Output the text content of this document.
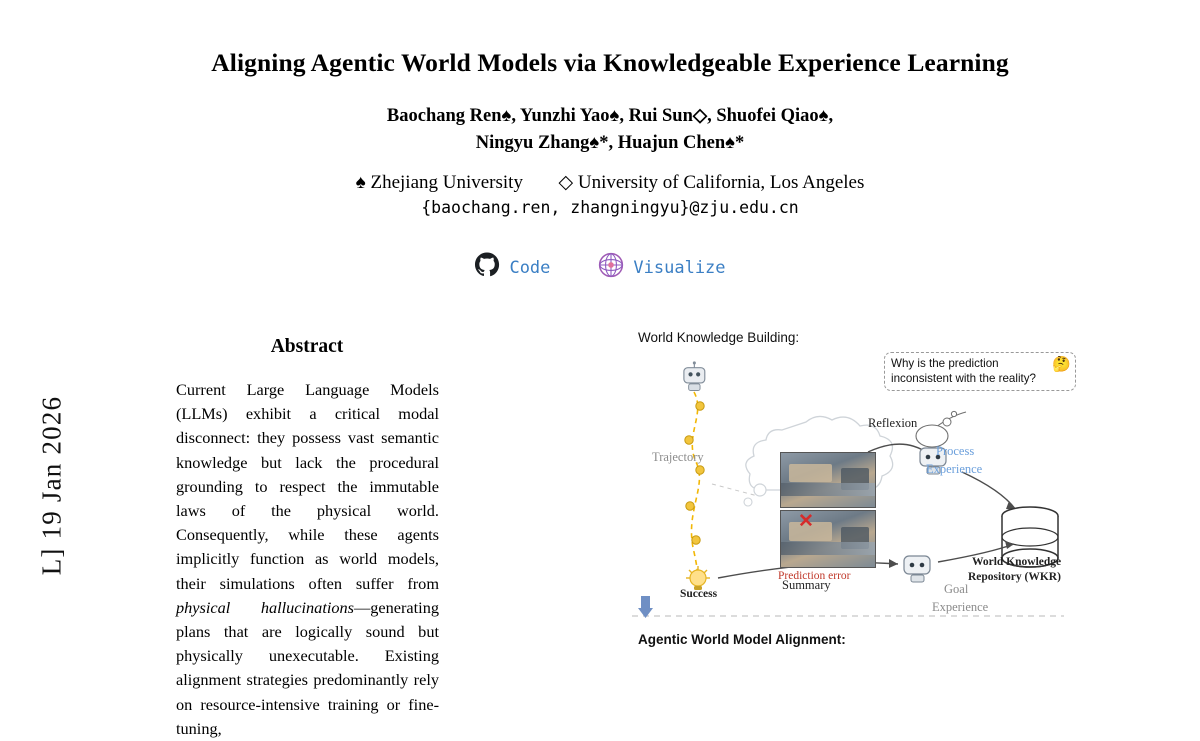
L] 19 Jan 2026
Aligning Agentic World Models via Knowledgeable Experience Learning
Baochang Ren♠, Yunzhi Yao♠, Rui Sun◇, Shuofei Qiao♠,
Ningyu Zhang♠*, Huajun Chen♠*
♠ Zhejiang University ◇ University of California, Los Angeles
{baochang.ren, zhangningyu}@zju.edu.cn
Code	Visualize
Abstract
Current Large Language Models (LLMs) exhibit a critical modal disconnect: they possess vast semantic knowledge but lack the procedural grounding to respect the immutable laws of the physical world. Consequently, while these agents implicitly function as world models, their simulations often suffer from physical hallucinations—generating plans that are logically sound but physically unexecutable. Existing alignment strategies predominantly rely on resource-intensive training or fine-tuning,
World Knowledge Building:
✕
Why is the prediction inconsistent with the reality?
🤔
Trajectory
Reflexion
Process
Experience
Prediction error
Success
Summary	Goal
Experience
World Knowledge
Repository (WKR)
Agentic World Model Alignment:
